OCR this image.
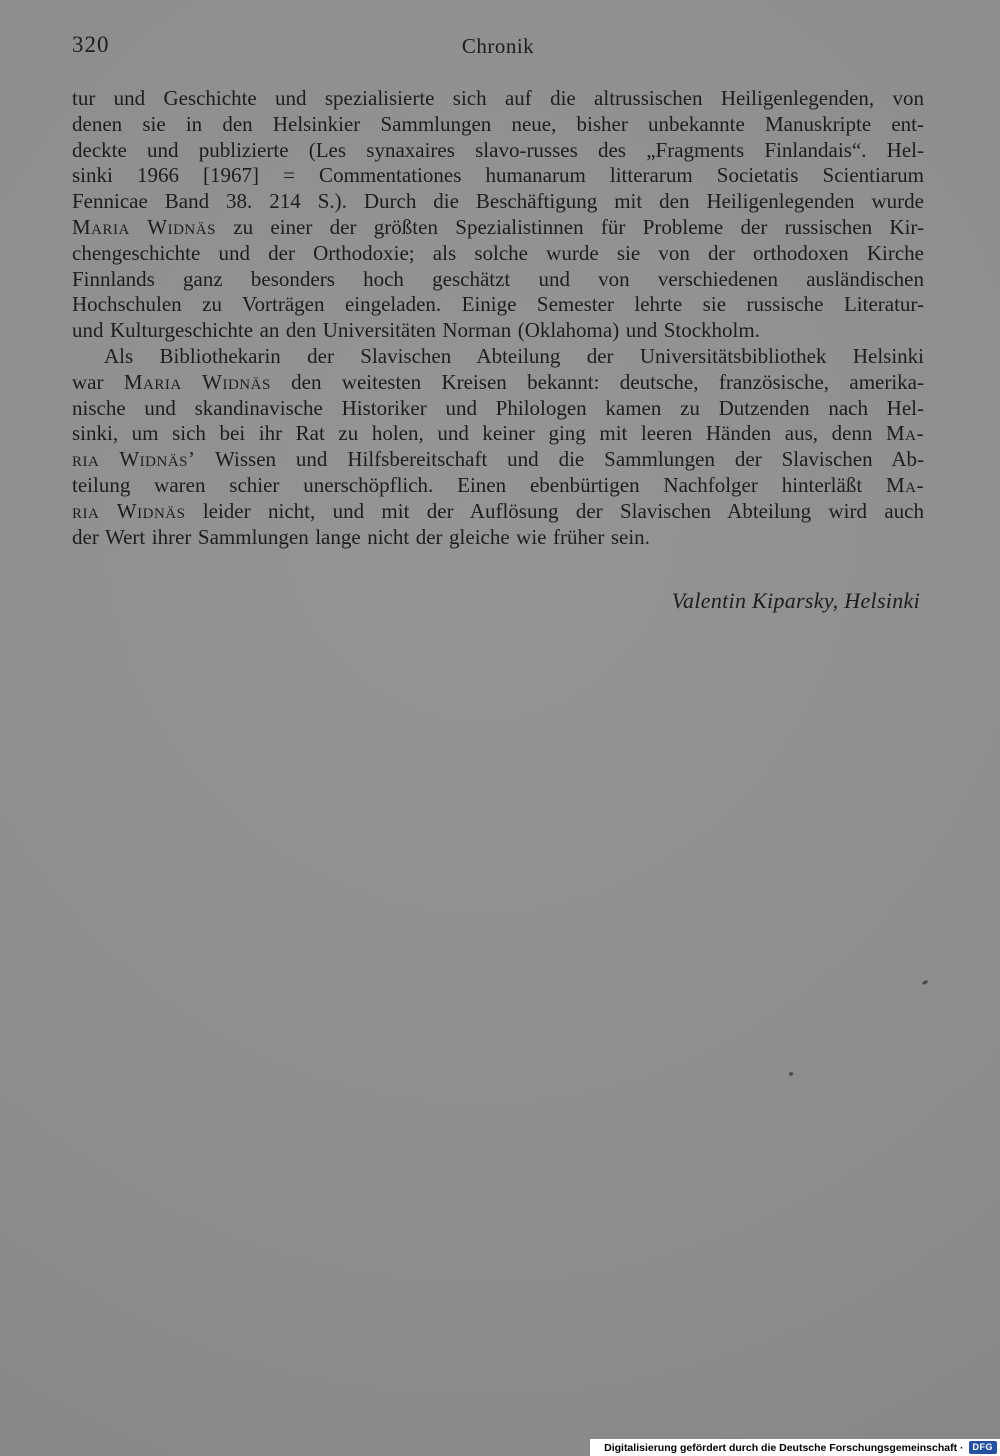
320	Chronik
tur und Geschichte und spezialisierte sich auf die altrussischen Heiligenlegenden, von
denen sie in den Helsinkier Sammlungen neue, bisher unbekannte Manuskripte ent-
deckte und publizierte (Les synaxaires slavo-russes des „Fragments Finlandais“. Hel-
sinki 1966 [1967] = Commentationes humanarum litterarum Societatis Scientiarum
Fennicae Band 38. 214 S.). Durch die Beschäftigung mit den Heiligenlegenden wurde
Maria Widnäs zu einer der größten Spezialistinnen für Probleme der russischen Kir-
chengeschichte und der Orthodoxie; als solche wurde sie von der orthodoxen Kirche
Finnlands ganz besonders hoch geschätzt und von verschiedenen ausländischen
Hochschulen zu Vorträgen eingeladen. Einige Semester lehrte sie russische Literatur-
und Kulturgeschichte an den Universitäten Norman (Oklahoma) und Stockholm.
Als Bibliothekarin der Slavischen Abteilung der Universitätsbibliothek Helsinki
war Maria Widnäs den weitesten Kreisen bekannt: deutsche, französische, amerika-
nische und skandinavische Historiker und Philologen kamen zu Dutzenden nach Hel-
sinki, um sich bei ihr Rat zu holen, und keiner ging mit leeren Händen aus, denn Ma-
ria Widnäs’ Wissen und Hilfsbereitschaft und die Sammlungen der Slavischen Ab-
teilung waren schier unerschöpflich. Einen ebenbürtigen Nachfolger hinterläßt Ma-
ria Widnäs leider nicht, und mit der Auflösung der Slavischen Abteilung wird auch
der Wert ihrer Sammlungen lange nicht der gleiche wie früher sein.
Valentin Kiparsky, Helsinki
Digitalisierung gefördert durch die Deutsche Forschungsgemeinschaft ·	DFG
